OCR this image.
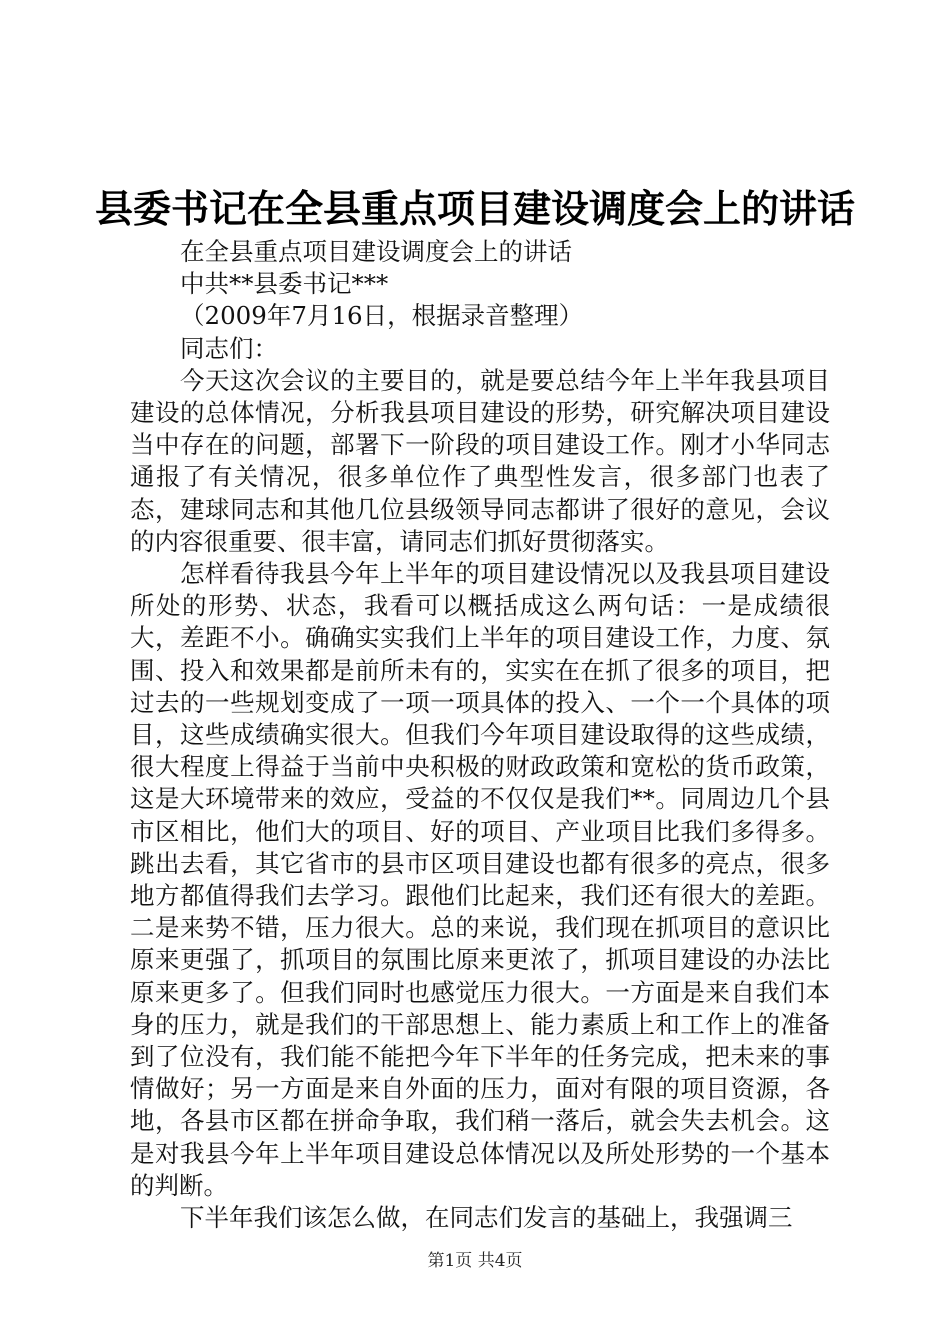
县委书记在全县重点项目建设调度会上的讲话

在全县重点项目建设调度会上的讲话

中共**县委书记***

（2009年7月16日，根据录音整理）

同志们：

今天这次会议的主要目的，就是要总结今年上半年我县项目建设的总体情况，分析我县项目建设的形势，研究解决项目建设当中存在的问题，部署下一阶段的项目建设工作。刚才小华同志通报了有关情况，很多单位作了典型性发言，很多部门也表了态，建球同志和其他几位县级领导同志都讲了很好的意见，会议的内容很重要、很丰富，请同志们抓好贯彻落实。

怎样看待我县今年上半年的项目建设情况以及我县项目建设所处的形势、状态，我看可以概括成这么两句话：一是成绩很大，差距不小。确确实实我们上半年的项目建设工作，力度、氛围、投入和效果都是前所未有的，实实在在抓了很多的项目，把过去的一些规划变成了一项一项具体的投入、一个一个具体的项目，这些成绩确实很大。但我们今年项目建设取得的这些成绩，很大程度上得益于当前中央积极的财政政策和宽松的货币政策，这是大环境带来的效应，受益的不仅仅是我们**。同周边几个县市区相比，他们大的项目、好的项目、产业项目比我们多得多。跳出去看，其它省市的县市区项目建设也都有很多的亮点，很多地方都值得我们去学习。跟他们比起来，我们还有很大的差距。二是来势不错，压力很大。总的来说，我们现在抓项目的意识比原来更强了，抓项目的氛围比原来更浓了，抓项目建设的办法比原来更多了。但我们同时也感觉压力很大。一方面是来自我们本身的压力，就是我们的干部思想上、能力素质上和工作上的准备到了位没有，我们能不能把今年下半年的任务完成，把未来的事情做好；另一方面是来自外面的压力，面对有限的项目资源，各地，各县市区都在拼命争取，我们稍一落后，就会失去机会。这是对我县今年上半年项目建设总体情况以及所处形势的一个基本的判断。

下半年我们该怎么做，在同志们发言的基础上，我强调三

第1页 共4页
